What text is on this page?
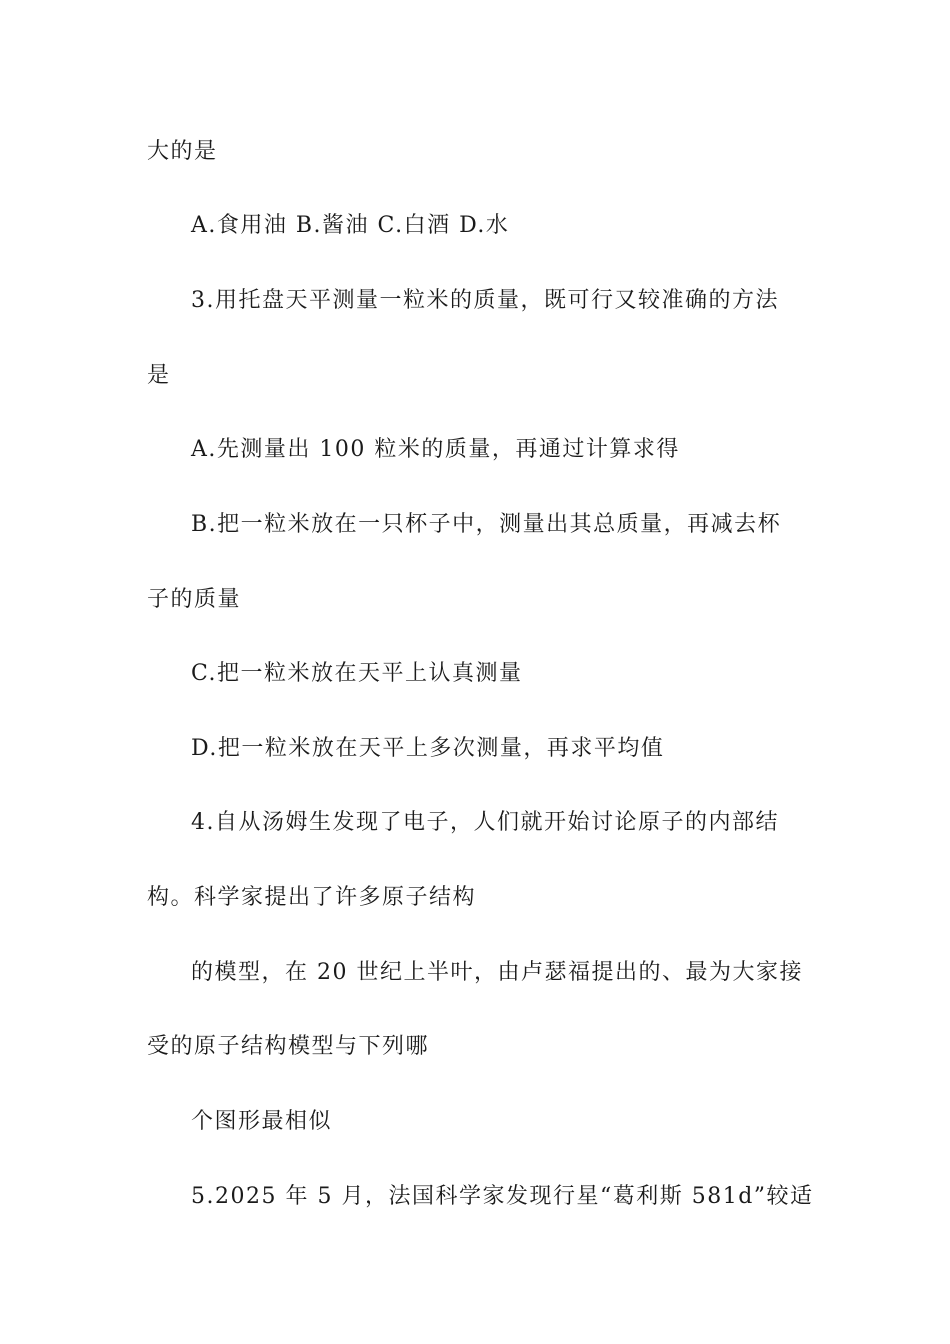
大的是
A.食用油 B.酱油 C.白酒 D.水
3.用托盘天平测量一粒米的质量，既可行又较准确的方法
是
A.先测量出 100 粒米的质量，再通过计算求得
B.把一粒米放在一只杯子中，测量出其总质量，再减去杯
子的质量
C.把一粒米放在天平上认真测量
D.把一粒米放在天平上多次测量，再求平均值
4.自从汤姆生发现了电子，人们就开始讨论原子的内部结
构。科学家提出了许多原子结构
的模型，在 20 世纪上半叶，由卢瑟福提出的、最为大家接
受的原子结构模型与下列哪
个图形最相似
5.2025 年 5 月，法国科学家发现行星“葛利斯 581d”较适
